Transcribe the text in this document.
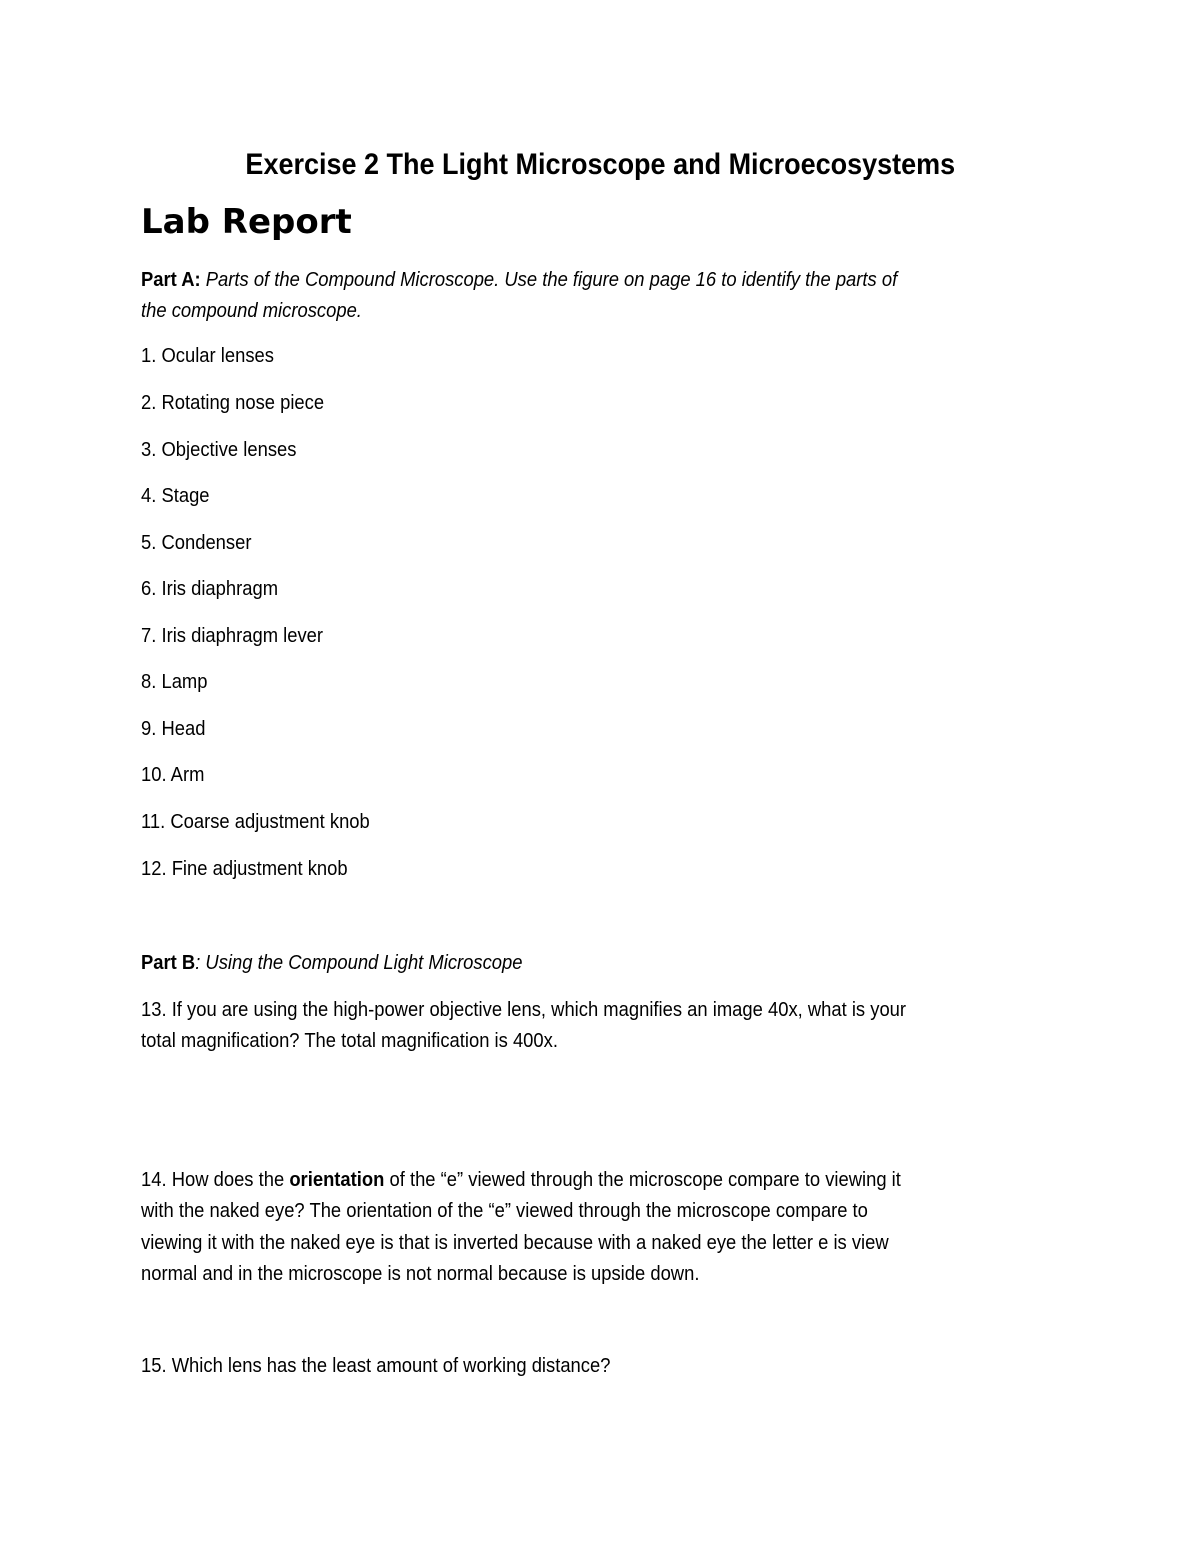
Exercise 2 The Light Microscope and Microecosystems
Lab Report

Part A: Parts of the Compound Microscope. Use the figure on page 16 to identify the parts of

the compound microscope.

1. Ocular lenses

2. Rotating nose piece

3. Objective lenses

4. Stage

5. Condenser

6. Iris diaphragm

7. Iris diaphragm lever

8. Lamp

9. Head

10. Arm

11. Coarse adjustment knob

12. Fine adjustment knob

Part B: Using the Compound Light Microscope

13. If you are using the high-power objective lens, which magnifies an image 40x, what is your

total magnification? The total magnification is 400x.

14. How does the orientation of the “e” viewed through the microscope compare to viewing it

with the naked eye? The orientation of the “e” viewed through the microscope compare to

viewing it with the naked eye is that is inverted because with a naked eye the letter e is view

normal and in the microscope is not normal because is upside down.

15. Which lens has the least amount of working distance?
